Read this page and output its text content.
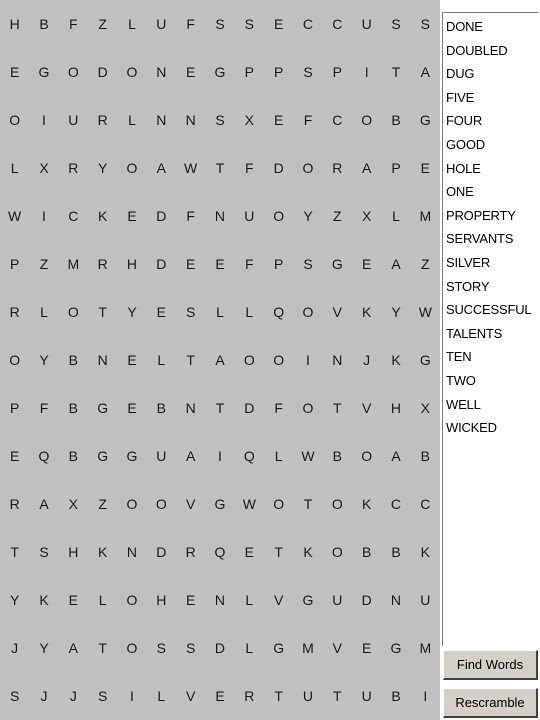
H	B	F	Z	L	U	F	S	S	E	C	C	U	S	S
E	G	O	D	O	N	E	G	P	P	S	P	I	T	A
O	I	U	R	L	N	N	S	X	E	F	C	O	B	G
L	X	R	Y	O	A	W	T	F	D	O	R	A	P	E
W	I	C	K	E	D	F	N	U	O	Y	Z	X	L	M
P	Z	M	R	H	D	E	E	F	P	S	G	E	A	Z
R	L	O	T	Y	E	S	L	L	Q	O	V	K	Y	W
O	Y	B	N	E	L	T	A	O	O	I	N	J	K	G
P	F	B	G	E	B	N	T	D	F	O	T	V	H	X
E	Q	B	G	G	U	A	I	Q	L	W	B	O	A	B
R	A	X	Z	O	O	V	G	W	O	T	O	K	C	C
T	S	H	K	N	D	R	Q	E	T	K	O	B	B	K
Y	K	E	L	O	H	E	N	L	V	G	U	D	N	U
J	Y	A	T	O	S	S	D	L	G	M	V	E	G	M
S	J	J	S	I	L	V	E	R	T	U	T	U	B	I
DONE
DOUBLED
DUG
FIVE
FOUR
GOOD
HOLE
ONE
PROPERTY
SERVANTS
SILVER
STORY
SUCCESSFUL
TALENTS
TEN
TWO
WELL
WICKED
Find Words
Rescramble
